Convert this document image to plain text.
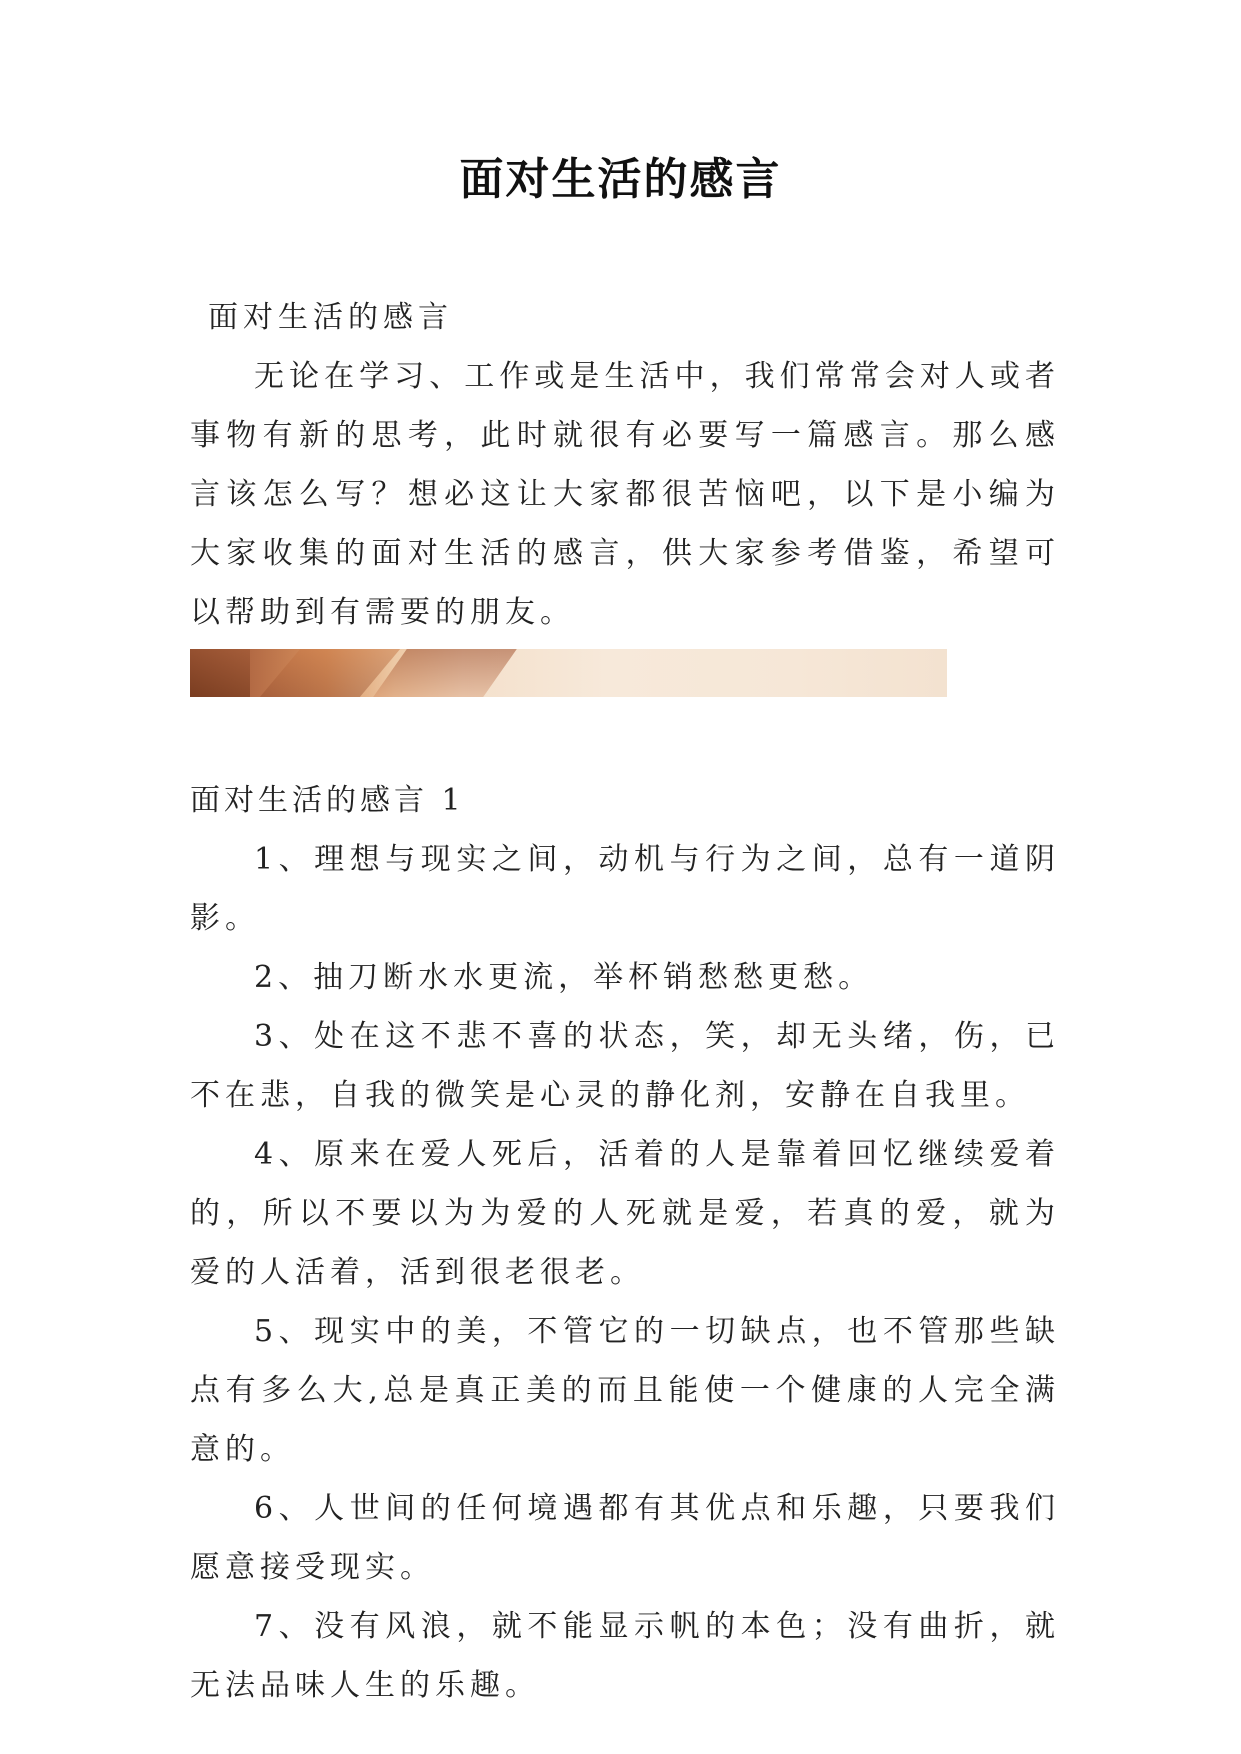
面对生活的感言

面对生活的感言

无论在学习、工作或是生活中，我们常常会对人或者事物有新的思考，此时就很有必要写一篇感言。那么感言该怎么写？想必这让大家都很苦恼吧，以下是小编为大家收集的面对生活的感言，供大家参考借鉴，希望可以帮助到有需要的朋友。

面对生活的感言 1

1、理想与现实之间，动机与行为之间，总有一道阴影。

2、抽刀断水水更流，举杯销愁愁更愁。

3、处在这不悲不喜的状态，笑，却无头绪，伤，已不在悲，自我的微笑是心灵的静化剂，安静在自我里。

4、原来在爱人死后，活着的人是靠着回忆继续爱着的，所以不要以为为爱的人死就是爱，若真的爱，就为爱的人活着，活到很老很老。

5、现实中的美，不管它的一切缺点，也不管那些缺点有多么大,总是真正美的而且能使一个健康的人完全满意的。

6、人世间的任何境遇都有其优点和乐趣，只要我们愿意接受现实。

7、没有风浪，就不能显示帆的本色；没有曲折，就无法品味人生的乐趣。
